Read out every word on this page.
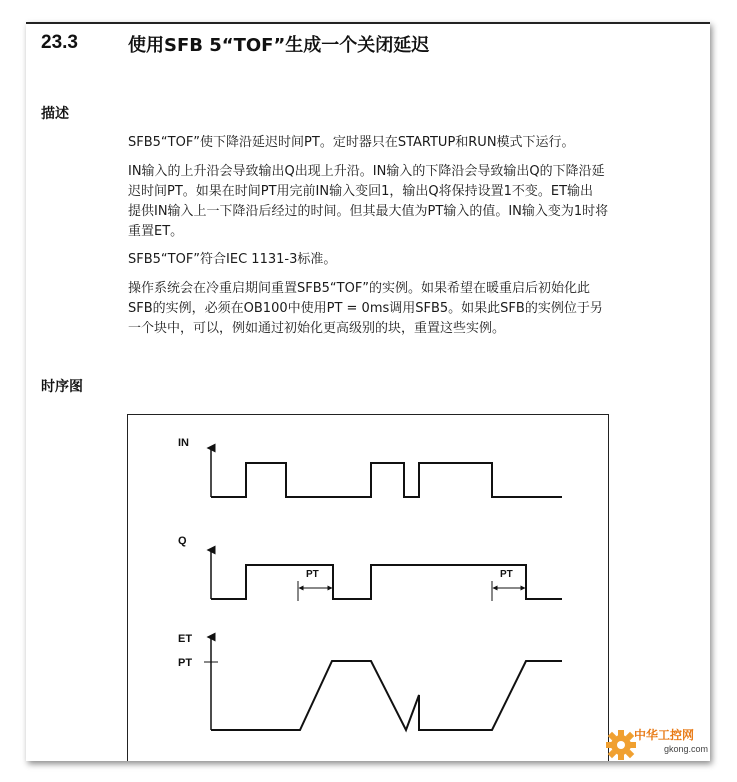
23.3	使用SFB 5“TOF”生成一个关闭延迟
描述
SFB5“TOF”使下降沿延迟时间PT。定时器只在STARTUP和RUN模式下运行。
IN输入的上升沿会导致输出Q出现上升沿。IN输入的下降沿会导致输出Q的下降沿延
迟时间PT。如果在时间PT用完前IN输入变回1，输出Q将保持设置1不变。ET输出
提供IN输入上一下降沿后经过的时间。但其最大值为PT输入的值。IN输入变为1时将
重置ET。
SFB5“TOF”符合IEC 1131-3标准。
操作系统会在冷重启期间重置SFB5“TOF”的实例。如果希望在暖重启后初始化此
SFB的实例，必须在OB100中使用PT = 0ms调用SFB5。如果此SFB的实例位于另
一个块中，可以，例如通过初始化更高级别的块，重置这些实例。
时序图
IN
Q
PT	PT
ET
PT
中华工控网
gkong.com
